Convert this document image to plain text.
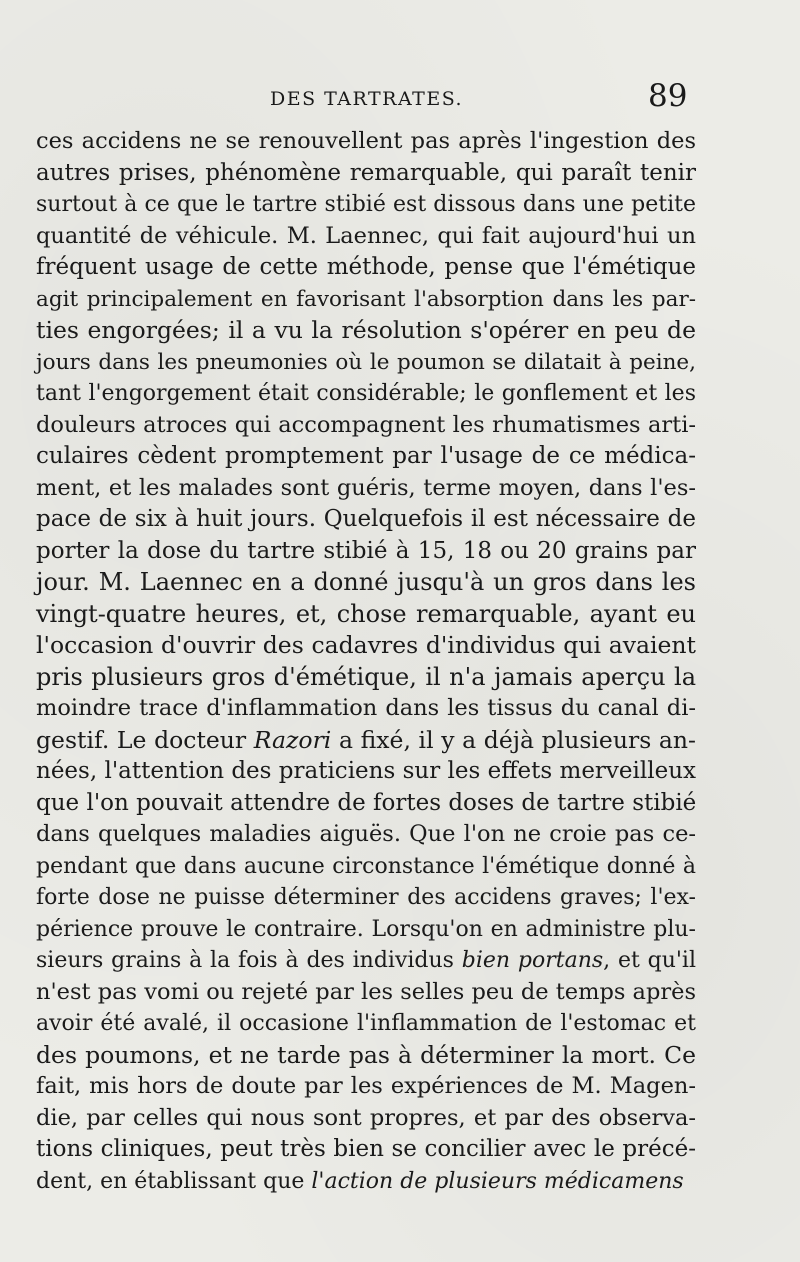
DES TARTRATES.	89
ces accidens ne se renouvellent pas après l'ingestion des
autres prises, phénomène remarquable, qui paraît tenir
surtout à ce que le tartre stibié est dissous dans une petite
quantité de véhicule. M. Laennec, qui fait aujourd'hui un
fréquent usage de cette méthode, pense que l'émétique
agit principalement en favorisant l'absorption dans les par-
ties engorgées; il a vu la résolution s'opérer en peu de
jours dans les pneumonies où le poumon se dilatait à peine,
tant l'engorgement était considérable; le gonflement et les
douleurs atroces qui accompagnent les rhumatismes arti-
culaires cèdent promptement par l'usage de ce médica-
ment, et les malades sont guéris, terme moyen, dans l'es-
pace de six à huit jours. Quelquefois il est nécessaire de
porter la dose du tartre stibié à 15, 18 ou 20 grains par
jour. M. Laennec en a donné jusqu'à un gros dans les
vingt-quatre heures, et, chose remarquable, ayant eu
l'occasion d'ouvrir des cadavres d'individus qui avaient
pris plusieurs gros d'émétique, il n'a jamais aperçu la
moindre trace d'inflammation dans les tissus du canal di-
gestif. Le docteur Razori a fixé, il y a déjà plusieurs an-
nées, l'attention des praticiens sur les effets merveilleux
que l'on pouvait attendre de fortes doses de tartre stibié
dans quelques maladies aiguës. Que l'on ne croie pas ce-
pendant que dans aucune circonstance l'émétique donné à
forte dose ne puisse déterminer des accidens graves; l'ex-
périence prouve le contraire. Lorsqu'on en administre plu-
sieurs grains à la fois à des individus bien portans, et qu'il
n'est pas vomi ou rejeté par les selles peu de temps après
avoir été avalé, il occasione l'inflammation de l'estomac et
des poumons, et ne tarde pas à déterminer la mort. Ce
fait, mis hors de doute par les expériences de M. Magen-
die, par celles qui nous sont propres, et par des observa-
tions cliniques, peut très bien se concilier avec le précé-
dent, en établissant que l'action de plusieurs médicamens
